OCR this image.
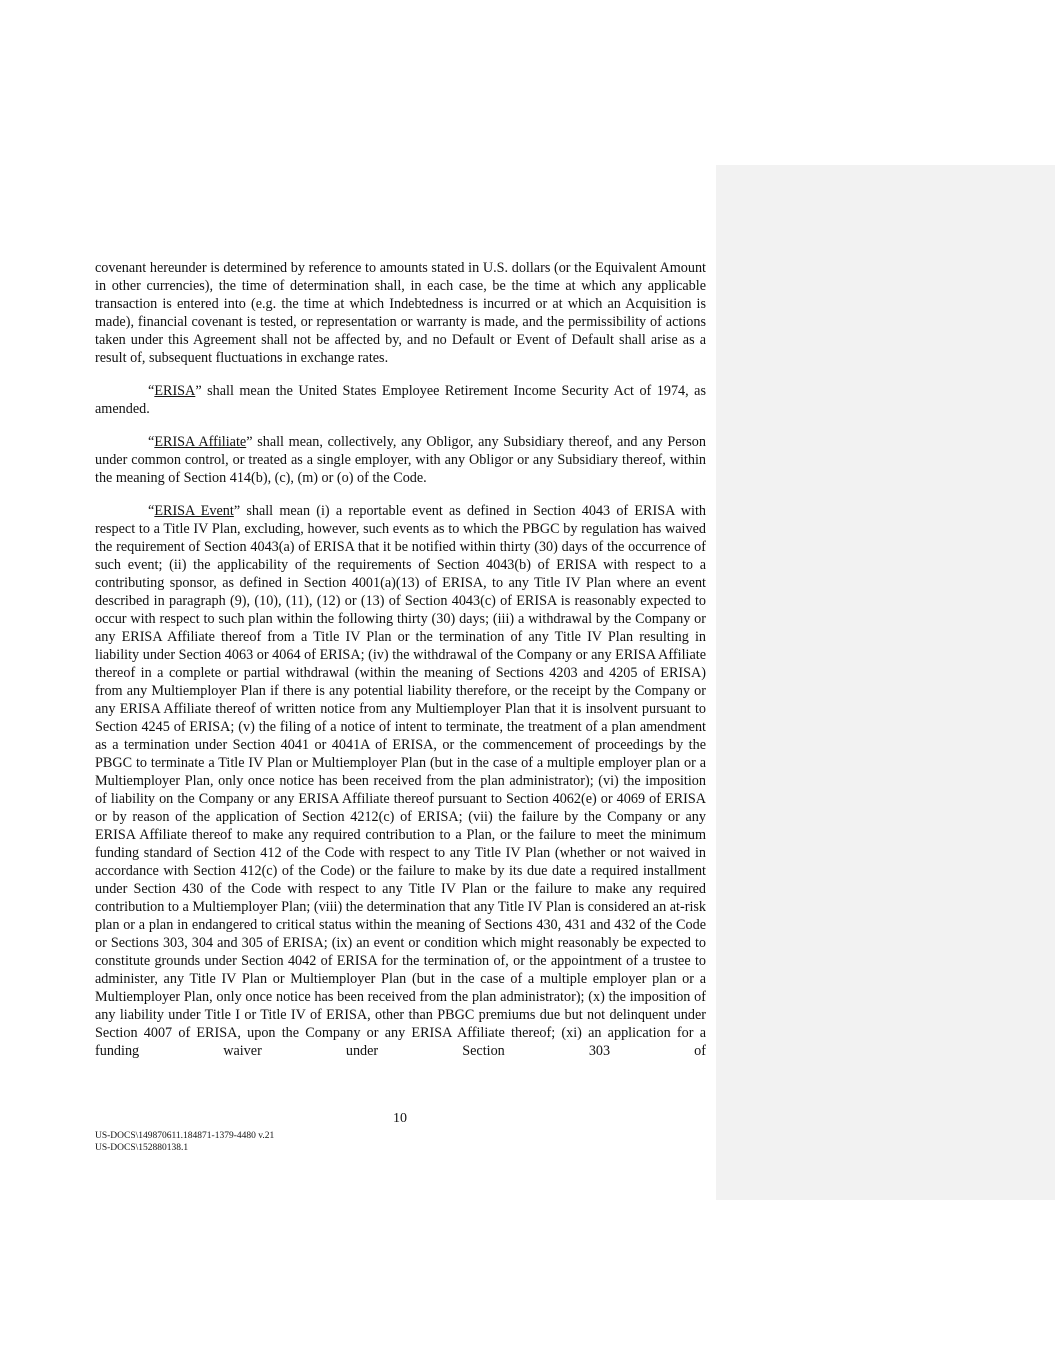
covenant hereunder is determined by reference to amounts stated in U.S. dollars (or the Equivalent Amount in other currencies), the time of determination shall, in each case, be the time at which any applicable transaction is entered into (e.g. the time at which Indebtedness is incurred or at which an Acquisition is made), financial covenant is tested, or representation or warranty is made, and the permissibility of actions taken under this Agreement shall not be affected by, and no Default or Event of Default shall arise as a result of, subsequent fluctuations in exchange rates.

“ERISA” shall mean the United States Employee Retirement Income Security Act of 1974, as amended.

“ERISA Affiliate” shall mean, collectively, any Obligor, any Subsidiary thereof, and any Person under common control, or treated as a single employer, with any Obligor or any Subsidiary thereof, within the meaning of Section 414(b), (c), (m) or (o) of the Code.

“ERISA Event” shall mean (i) a reportable event as defined in Section 4043 of ERISA with respect to a Title IV Plan, excluding, however, such events as to which the PBGC by regulation has waived the requirement of Section 4043(a) of ERISA that it be notified within thirty (30) days of the occurrence of such event; (ii) the applicability of the requirements of Section 4043(b) of ERISA with respect to a contributing sponsor, as defined in Section 4001(a)(13) of ERISA, to any Title IV Plan where an event described in paragraph (9), (10), (11), (12) or (13) of Section 4043(c) of ERISA is reasonably expected to occur with respect to such plan within the following thirty (30) days; (iii) a withdrawal by the Company or any ERISA Affiliate thereof from a Title IV Plan or the termination of any Title IV Plan resulting in liability under Section 4063 or 4064 of ERISA; (iv) the withdrawal of the Company or any ERISA Affiliate thereof in a complete or partial withdrawal (within the meaning of Sections 4203 and 4205 of ERISA) from any Multiemployer Plan if there is any potential liability therefore, or the receipt by the Company or any ERISA Affiliate thereof of written notice from any Multiemployer Plan that it is insolvent pursuant to Section 4245 of ERISA; (v) the filing of a notice of intent to terminate, the treatment of a plan amendment as a termination under Section 4041 or 4041A of ERISA, or the commencement of proceedings by the PBGC to terminate a Title IV Plan or Multiemployer Plan (but in the case of a multiple employer plan or a Multiemployer Plan, only once notice has been received from the plan administrator); (vi) the imposition of liability on the Company or any ERISA Affiliate thereof pursuant to Section 4062(e) or 4069 of ERISA or by reason of the application of Section 4212(c) of ERISA; (vii) the failure by the Company or any ERISA Affiliate thereof to make any required contribution to a Plan, or the failure to meet the minimum funding standard of Section 412 of the Code with respect to any Title IV Plan (whether or not waived in accordance with Section 412(c) of the Code) or the failure to make by its due date a required installment under Section 430 of the Code with respect to any Title IV Plan or the failure to make any required contribution to a Multiemployer Plan; (viii) the determination that any Title IV Plan is considered an at-risk plan or a plan in endangered to critical status within the meaning of Sections 430, 431 and 432 of the Code or Sections 303, 304 and 305 of ERISA; (ix) an event or condition which might reasonably be expected to constitute grounds under Section 4042 of ERISA for the termination of, or the appointment of a trustee to administer, any Title IV Plan or Multiemployer Plan (but in the case of a multiple employer plan or a Multiemployer Plan, only once notice has been received from the plan administrator); (x) the imposition of any liability under Title I or Title IV of ERISA, other than PBGC premiums due but not delinquent under Section 4007 of ERISA, upon the Company or any ERISA Affiliate thereof; (xi) an application for a funding waiver under Section 303 of

10
US-DOCS\149870611.184871-1379-4480 v.21
US-DOCS\152880138.1
